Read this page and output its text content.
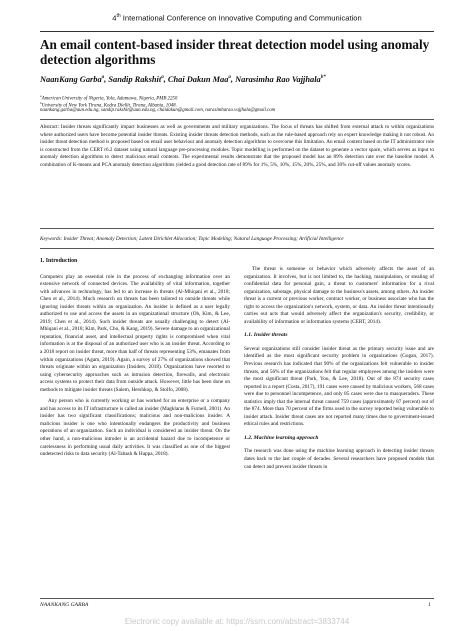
4th International Conference on Innovative Computing and Communication
An email content-based insider threat detection model using anomaly detection algorithms
NaanKang Garba$^a$, Sandip Rakshit$^a$, Chai Dakun Maa$^a$, Narasimha Rao Vajjhala$^{b*}$
$^a$American University of Nigeria, Yola, Adamawa, Nigeria, PMB 2250
$^b$University of New York Tirana, Kodra Diellit, Tirana, Albania, 1048.
naankang.garba@aun.edu.ng, sandip.rakshit@aun.edu.ng, chaidakun@gmail.com, narasimharao.vajjhala@gmail.com
Abstract: Insider threats significantly impact businesses as well as governments and military organizations. The focus of threats has shifted from external attack to within organizations where authorized users have become potential insider threats. Existing insider threats detection methods, such as the rule-based approach rely on expert knowledge making it not robust. An insider threat detection method is proposed based on email user behaviour and anomaly detection algorithms to overcome this limitation. An email content based on the IT administrator role is constructed from the CERT r6.2 dataset using natural language pre-processing modules. Topic modelling is performed on the dataset to generate a vector space, which serves as input to anomaly detection algorithms to detect malicious email contents. The experimental results demonstrate that the proposed model has an 89% detection rate over the baseline model. A combination of K-means and PCA anomaly detection algorithms yielded a good detection rate of 89% for 1%, 5%, 10%, 15%, 20%, 25%, and 30% cut-off values anomaly scores.
Keywords: Insider Threat; Anomaly Detection; Latent Dirichlet Allocation; Topic Modeling; Natural Language Processing; Artificial Intelligence
1. Introduction

Computers play an essential role in the process of exchanging information over an extensive network of connected devices. The availability of vital information, together with advances in technology, has led to an increase in threats (Al-Mhiqani et al., 2018; Chen et al., 2014). Much research on threats has been tailored to outside threats while ignoring insider threats within an organization. An insider is defined as a user legally authorized to use and access the assets in an organizational structure (Oh, Kim, & Lee, 2019; Chen et al., 2014). Such insider threats are usually challenging to detect (Al-Mhiqani et al., 2018; Kim, Park, Cho, & Kang, 2019). Severe damage to an organizational reputation, financial asset, and intellectual property rights is compromised when vital information is at the disposal of an authorized user who is an insider threat. According to a 2018 report on insider threat, more than half of threats representing 53%, emanates from within organizations (Agam, 2019). Again, a survey of 27% of organizations showed that threats originate within an organization (Insiders, 2018). Organizations have resorted to using cybersecurity approaches such as intrusion detection, firewalls, and electronic access systems to protect their data from outside attack. However, little has been done on methods to mitigate insider threats (Salem, Hershkop, & Stolfo, 2008).

Any person who is currently working or has worked for an enterprise or a company and has access to its IT infrastructure is called an insider (Magklaras & Furnell, 2001). An insider has two significant classifications; malicious and non-malicious insider. A malicious insider is one who intentionally endangers the productivity and business operations of an organization. Such an individual is considered an insider threat. On the other hand, a non-malicious intruder is an accidental hazard due to incompetence or carelessness in performing usual daily activities. It was classified as one of the biggest undetected risks to data security (Al-Tabash & Happa, 2018).

The threat is someone or behavior which adversely affects the asset of an organization. It involves, but is not limited to, the hacking, manipulation, or stealing of confidential data for personal gain, a threat to customers' information for a rival organization, sabotage, physical damage to the business's assets, among others. An insider threat is a current or previous worker, contract worker, or business associate who has the right to access the organization's network, system, or data. An insider threat intentionally carries out acts that would adversely affect the organization's security, credibility, or availability of information or information systems (CERT, 2014).

1.1. Insider threats

Several organizations still consider insider threat as the primary security issue and are identified as the most significant security problem in organizations (Gogan, 2017). Previous research has indicated that 90% of the organizations felt vulnerable to insider threats, and 56% of the organizations felt that regular employees among the insiders were the most significant threat (Park, You, & Lee, 2018). Out of the 874 security cases reported in a report (Costa, 2017), 191 cases were caused by malicious workers, 568 cases were due to personnel incompetence, and only 85 cases were due to masqueraders. These statistics imply that the internal threat caused 759 cases (approximately 87 percent) out of the 874. More than 70 percent of the firms used in the survey reported being vulnerable to insider attack. Insider threat cases are not reported many times due to government-issued ethical rules and restrictions.

1.2. Machine learning approach

The research was done using the machine learning approach in detecting insider threats dates back to the last couple of decades. Several researchers have proposed models that can detect and prevent insider threats in

NAANKANG GARBA	1
Electronic copy available at: https://ssrn.com/abstract=3833744
